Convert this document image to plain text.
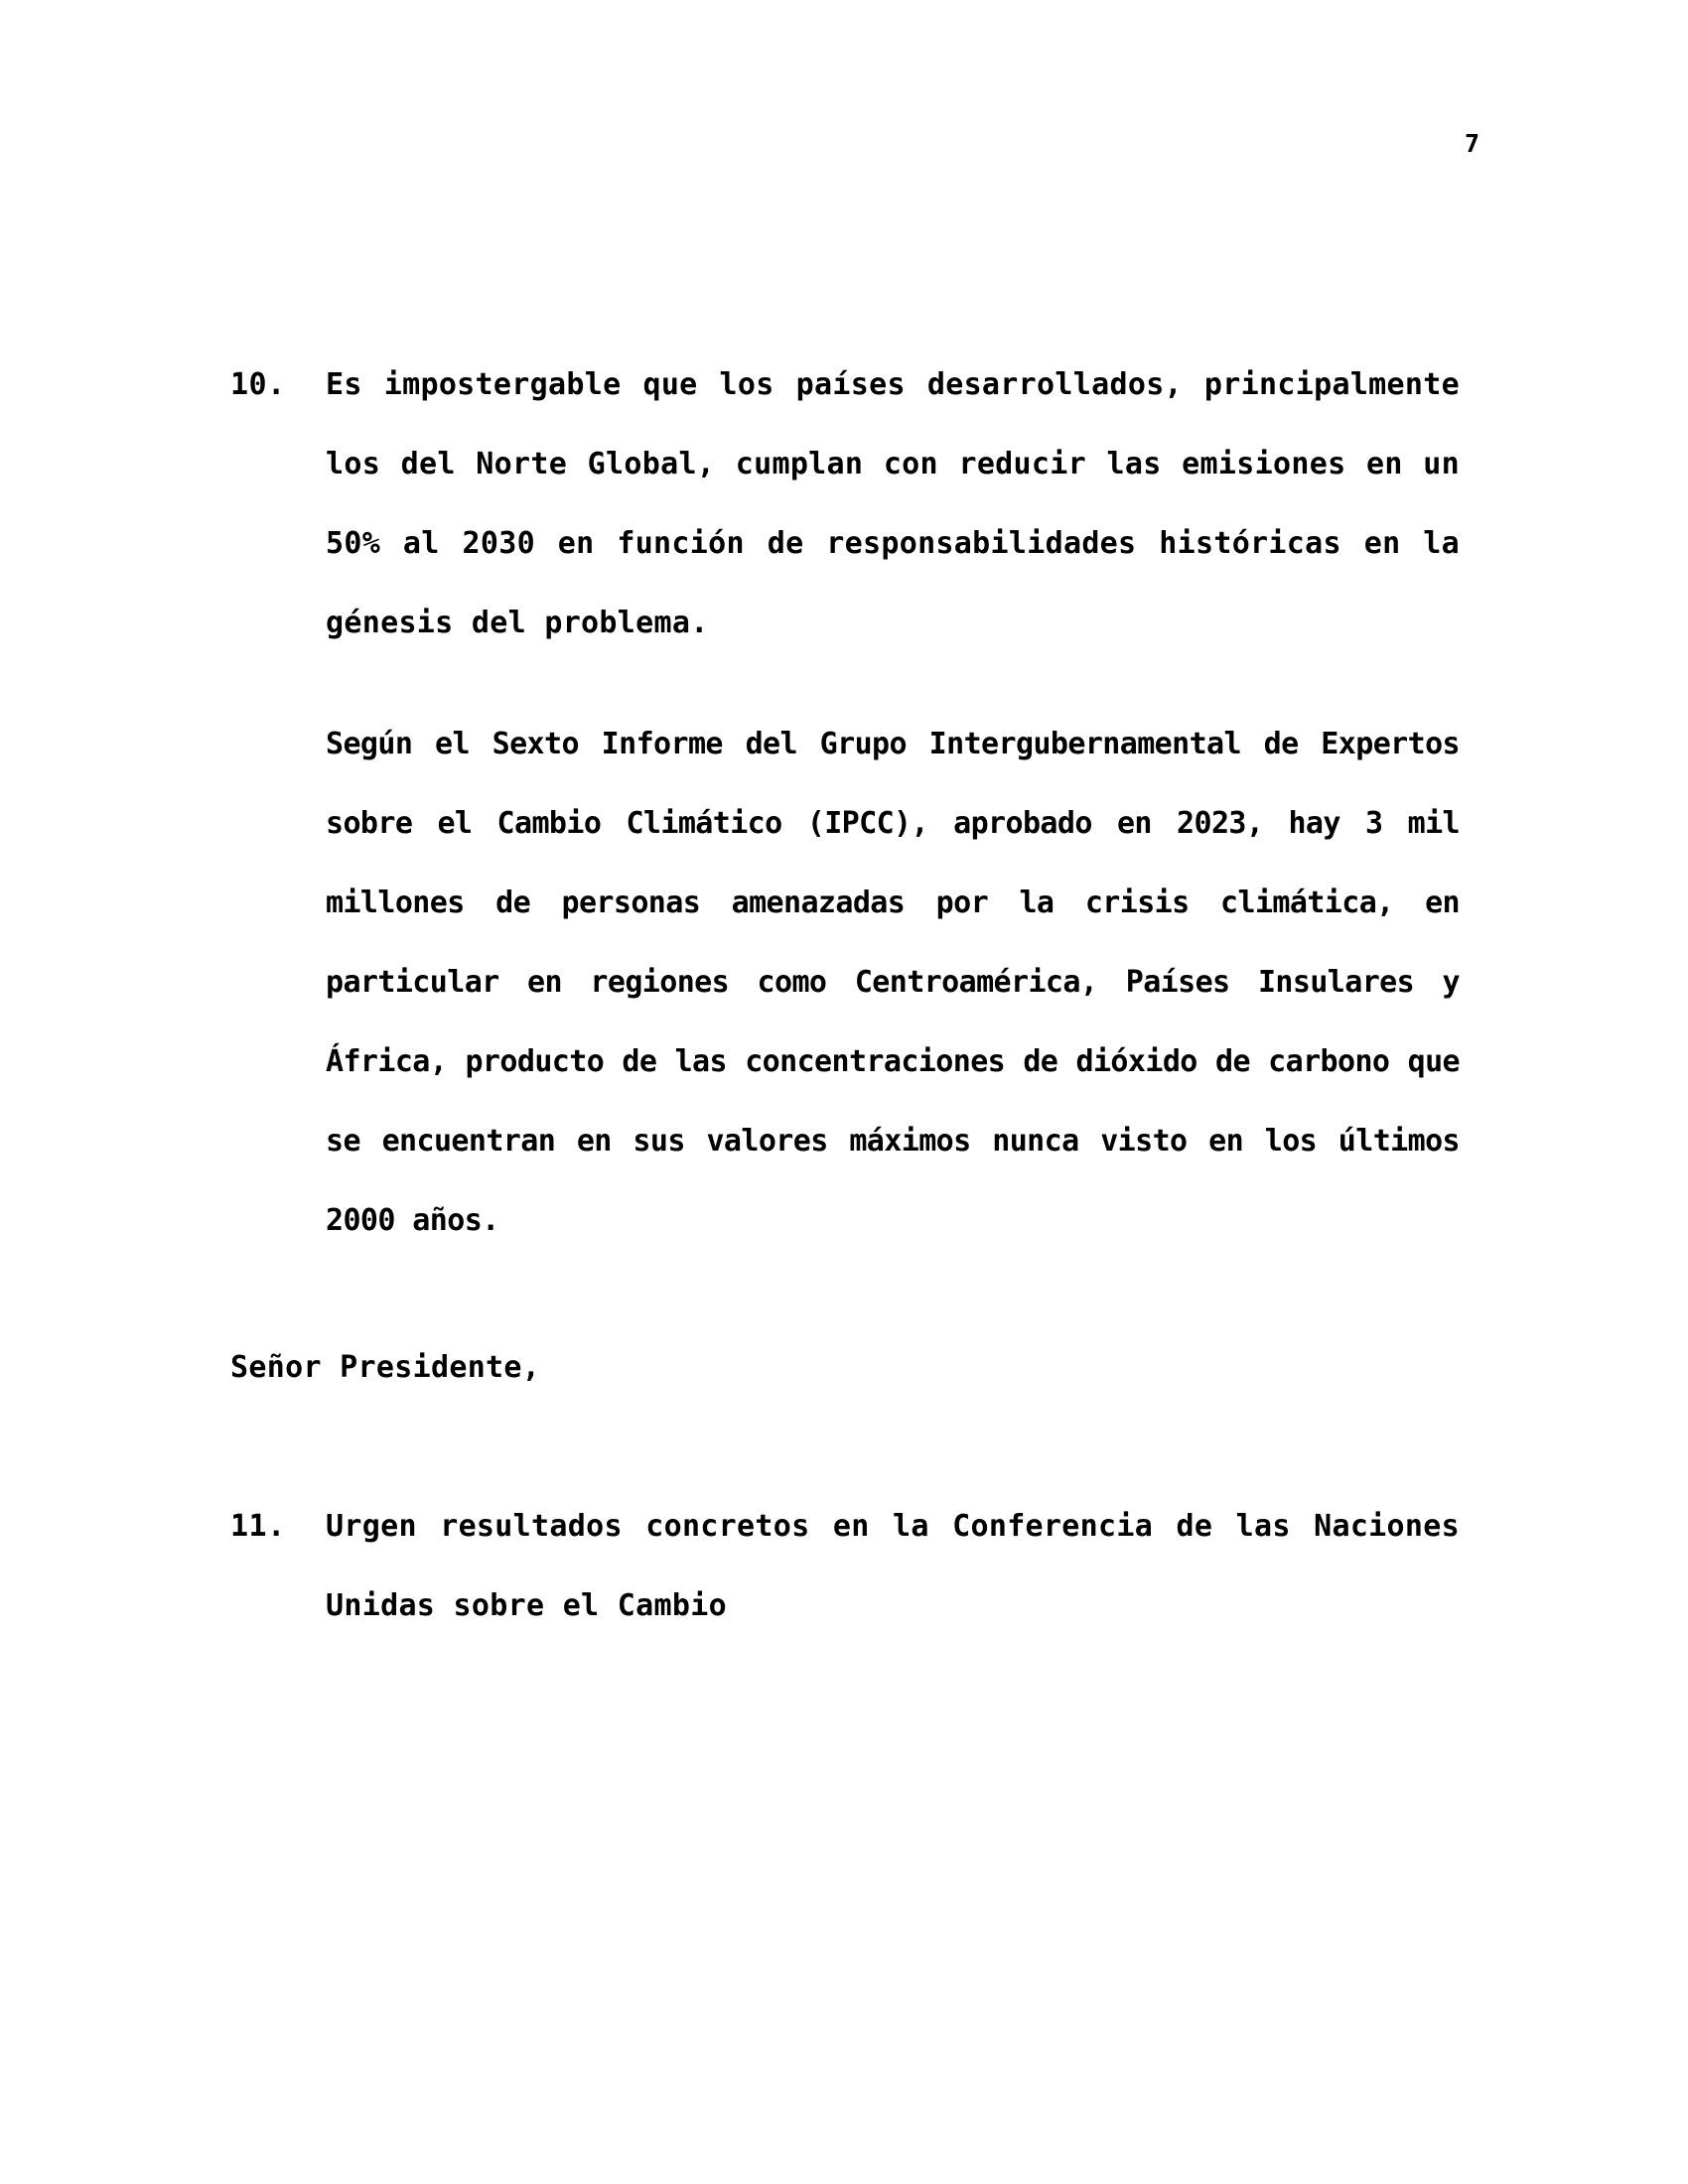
7
10.	Es impostergable que los países desarrollados, principalmente los del Norte Global, cumplan con reducir las emisiones en un 50% al 2030 en función de responsabilidades históricas en la génesis del problema.

Según el Sexto Informe del Grupo Intergubernamental de Expertos sobre el Cambio Climático (IPCC), aprobado en 2023, hay 3 mil millones de personas amenazadas por la crisis climática, en particular en regiones como Centroamérica, Países Insulares y África, producto de las concentraciones de dióxido de carbono que se encuentran en sus valores máximos nunca visto en los últimos 2000 años.

Señor Presidente,

11.	Urgen resultados concretos en la Conferencia de las Naciones Unidas sobre el Cambio
